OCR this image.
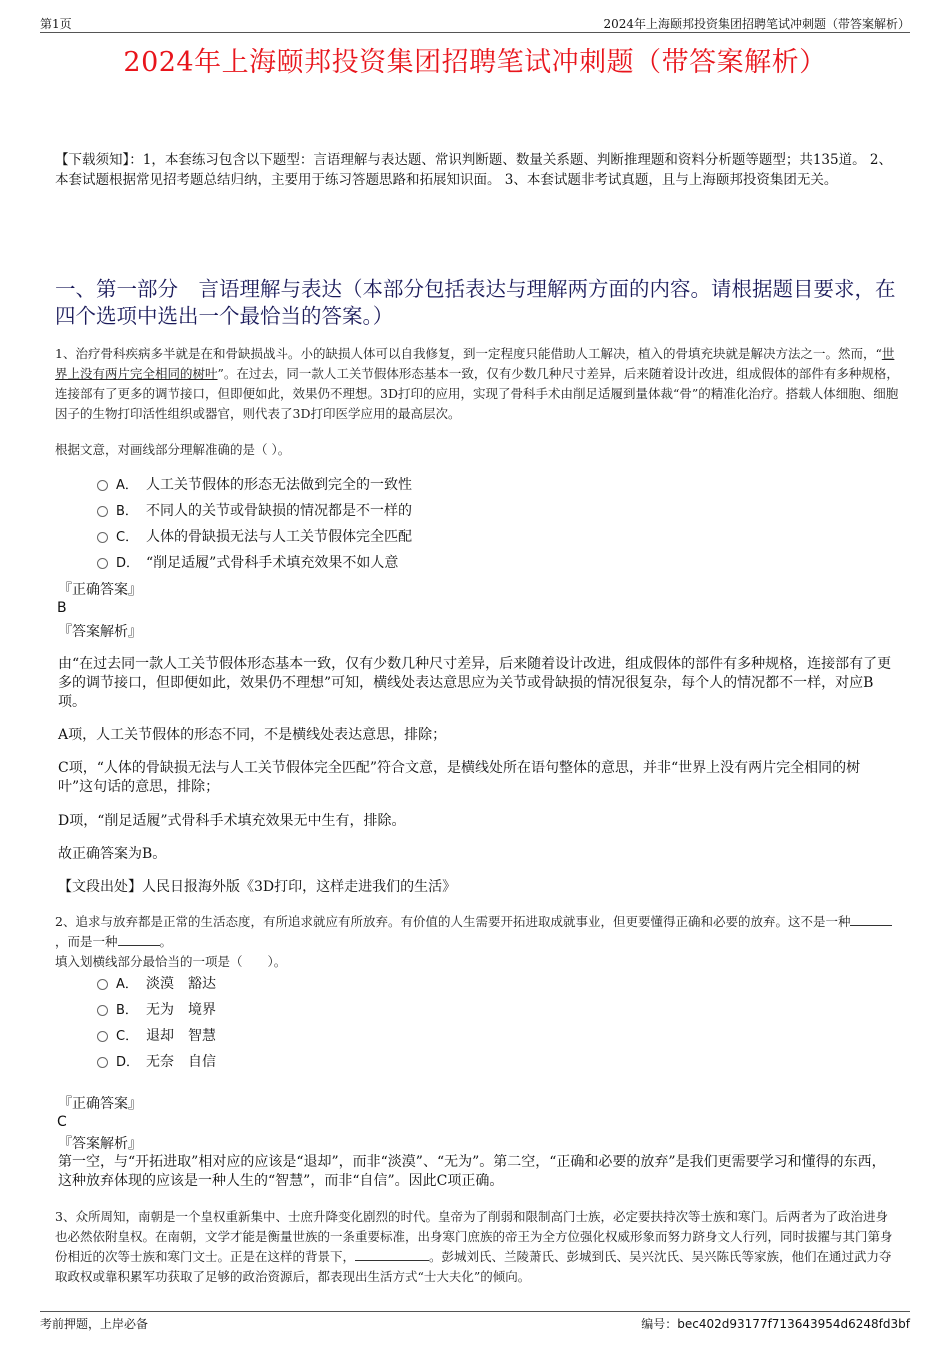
第1页	2024年上海颐邦投资集团招聘笔试冲刺题（带答案解析）
2024年上海颐邦投资集团招聘笔试冲刺题（带答案解析）
【下载须知】：1，本套练习包含以下题型：言语理解与表达题、常识判断题、数量关系题、判断推理题和资料分析题等题型；共135道。 2、本套试题根据常见招考题总结归纳，主要用于练习答题思路和拓展知识面。 3、本套试题非考试真题，且与上海颐邦投资集团无关。
一、第一部分　言语理解与表达（本部分包括表达与理解两方面的内容。请根据题目要求，在四个选项中选出一个最恰当的答案。）
1、治疗骨科疾病多半就是在和骨缺损战斗。小的缺损人体可以自我修复，到一定程度只能借助人工解决，植入的骨填充块就是解决方法之一。然而，“世界上没有两片完全相同的树叶”。在过去，同一款人工关节假体形态基本一致，仅有少数几种尺寸差异，后来随着设计改进，组成假体的部件有多种规格，连接部有了更多的调节接口，但即便如此，效果仍不理想。3D打印的应用，实现了骨科手术由削足适履到量体裁“骨”的精准化治疗。搭载人体细胞、细胞因子的生物打印活性组织或器官，则代表了3D打印医学应用的最高层次。
根据文意，对画线部分理解准确的是（ ）。
A． 人工关节假体的形态无法做到完全的一致性
B． 不同人的关节或骨缺损的情况都是不一样的
C． 人体的骨缺损无法与人工关节假体完全匹配
D． “削足适履”式骨科手术填充效果不如人意
『正确答案』
B
『答案解析』
由“在过去同一款人工关节假体形态基本一致，仅有少数几种尺寸差异，后来随着设计改进，组成假体的部件有多种规格，连接部有了更多的调节接口，但即便如此，效果仍不理想”可知，横线处表达意思应为关节或骨缺损的情况很复杂，每个人的情况都不一样，对应B项。
A项，人工关节假体的形态不同，不是横线处表达意思，排除；
C项，“人体的骨缺损无法与人工关节假体完全匹配”符合文意，是横线处所在语句整体的意思，并非“世界上没有两片完全相同的树叶”这句话的意思，排除；
D项，“削足适履”式骨科手术填充效果无中生有，排除。
故正确答案为B。
【文段出处】人民日报海外版《3D打印，这样走进我们的生活》
2、追求与放弃都是正常的生活态度，有所追求就应有所放弃。有价值的人生需要开拓进取成就事业，但更要懂得正确和必要的放弃。这不是一种，而是一种	。
填入划横线部分最恰当的一项是（　　）。
A． 淡漠 豁达
B． 无为 境界
C． 退却 智慧
D． 无奈 自信
『正确答案』
C
『答案解析』
第一空，与“开拓进取”相对应的应该是“退却”，而非“淡漠”、“无为”。第二空，“正确和必要的放弃”是我们更需要学习和懂得的东西，这种放弃体现的应该是一种人生的“智慧”，而非“自信”。因此C项正确。
3、众所周知，南朝是一个皇权重新集中、士庶升降变化剧烈的时代。皇帝为了削弱和限制高门士族，必定要扶持次等士族和寒门。后两者为了政治进身也必然依附皇权。在南朝，文学才能是衡量世族的一条重要标准，出身寒门庶族的帝王为全方位强化权威形象而努力跻身文人行列，同时拔擢与其门第身份相近的次等士族和寒门文士。正是在这样的背景下，	。彭城刘氏、兰陵萧氏、彭城到氏、吴兴沈氏、吴兴陈氏等家族，他们在通过武力夺取政权或靠积累军功获取了足够的政治资源后，都表现出生活方式“士大夫化”的倾向。
考前押题，上岸必备	编号：bec402d93177f713643954d6248fd3bf
